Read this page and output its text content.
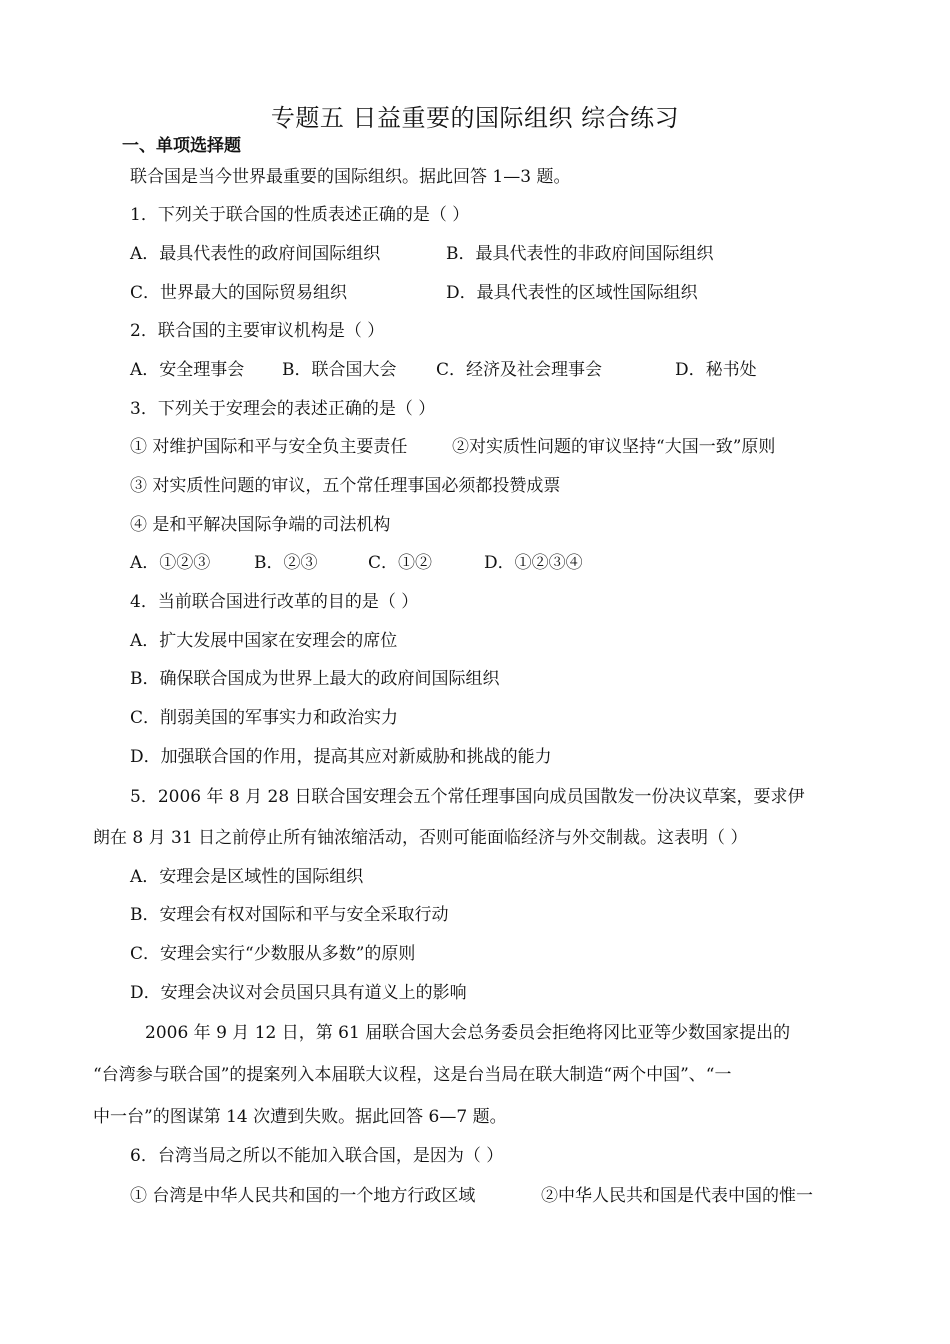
专题五 日益重要的国际组织 综合练习
一、单项选择题
联合国是当今世界最重要的国际组织。据此回答 1—3 题。
1．下列关于联合国的性质表述正确的是（ ）
A．最具代表性的政府间国际组织	B．最具代表性的非政府间国际组织
C．世界最大的国际贸易组织	D．最具代表性的区域性国际组织
2．联合国的主要审议机构是（ ）
A．安全理事会 B．联合国大会 C．经济及社会理事会	D．秘书处
3．下列关于安理会的表述正确的是（ ）
① 对维护国际和平与安全负主要责任	②对实质性问题的审议坚持“大国一致”原则
③ 对实质性问题的审议，五个常任理事国必须都投赞成票
④ 是和平解决国际争端的司法机构
A．①②③	B．②③	C．①②	D．①②③④
4．当前联合国进行改革的目的是（ ）
A．扩大发展中国家在安理会的席位
B．确保联合国成为世界上最大的政府间国际组织
C．削弱美国的军事实力和政治实力
D．加强联合国的作用，提高其应对新威胁和挑战的能力
5．2006 年 8 月 28 日联合国安理会五个常任理事国向成员国散发一份决议草案，要求伊
朗在 8 月 31 日之前停止所有铀浓缩活动，否则可能面临经济与外交制裁。这表明（ ）
A．安理会是区域性的国际组织
B．安理会有权对国际和平与安全采取行动
C．安理会实行“少数服从多数”的原则
D．安理会决议对会员国只具有道义上的影响
2006 年 9 月 12 日，第 61 届联合国大会总务委员会拒绝将冈比亚等少数国家提出的
“台湾参与联合国”的提案列入本届联大议程，这是台当局在联大制造“两个中国”、“一
中一台”的图谋第 14 次遭到失败。据此回答 6—7 题。
6．台湾当局之所以不能加入联合国，是因为（ ）
① 台湾是中华人民共和国的一个地方行政区域	②中华人民共和国是代表中国的惟一
